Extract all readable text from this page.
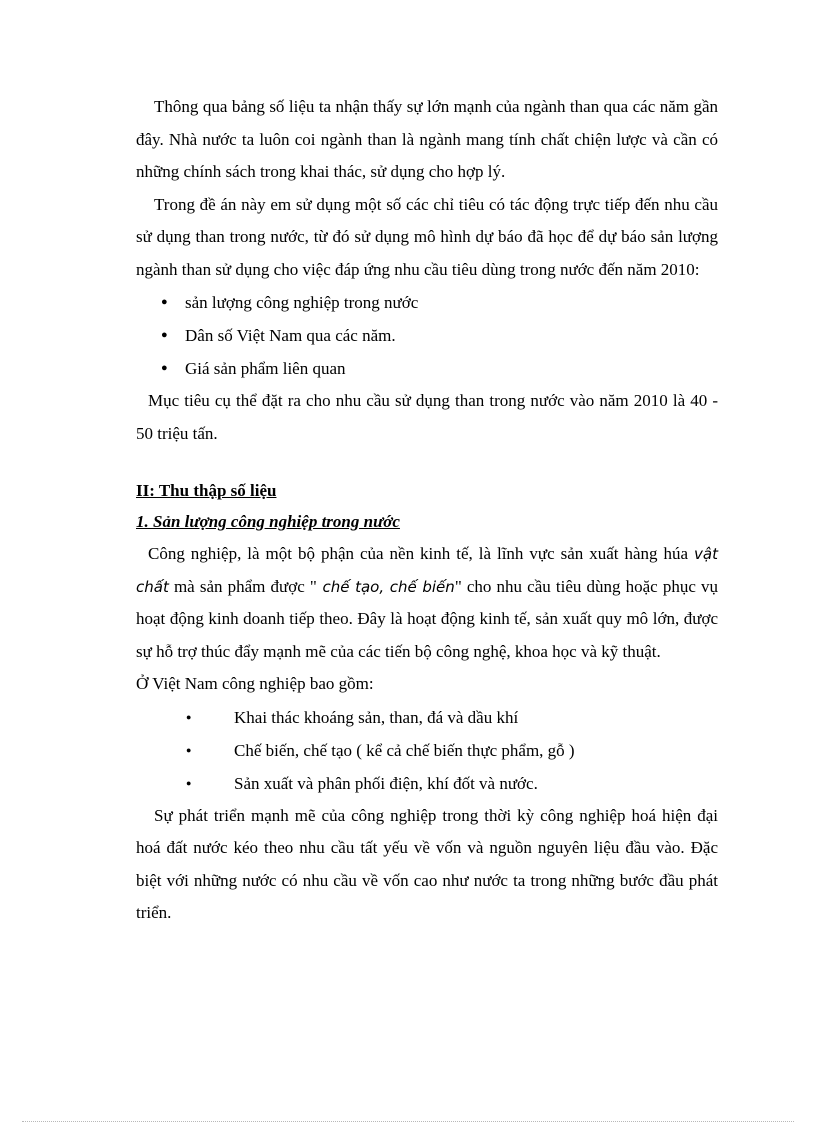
Thông qua bảng số liệu ta nhận thấy sự lớn mạnh của ngành than qua các năm gần đây. Nhà nước ta luôn coi ngành than là ngành mang tính chất chiện lược và cần có những chính sách trong khai thác, sử dụng cho hợp lý.

Trong đề án này em sử dụng một số các chỉ tiêu có tác động trực tiếp đến nhu cầu sử dụng than trong nước, từ đó sử dụng mô hình dự báo đã học để dự báo sản lượng ngành than sử dụng cho việc đáp ứng nhu cầu tiêu dùng trong nước đến năm 2010:

● sản lượng công nghiệp trong nước
● Dân số Việt Nam qua các năm.
● Giá sản phẩm liên quan

Mục tiêu cụ thể đặt ra cho nhu cầu sử dụng than trong nước vào năm 2010 là 40 - 50 triệu tấn.

II: Thu thập số liệu
1. Sản lượng công nghiệp trong nước

Công nghiệp, là một bộ phận của nền kinh tế, là lĩnh vực sản xuất hàng húa vật chất mà sản phẩm được " chế tạo, chế biến" cho nhu cầu tiêu dùng hoặc phục vụ hoạt động kinh doanh tiếp theo. Đây là hoạt động kinh tế, sản xuất quy mô lớn, được sự hỗ trợ thúc đẩy mạnh mẽ của các tiến bộ công nghệ, khoa học và kỹ thuật.

Ở Việt Nam công nghiệp bao gồm:

● Khai thác khoáng sản, than, đá và dầu khí
● Chế biến, chế tạo ( kể cả chế biến thực phẩm, gỗ )
● Sản xuất và phân phối điện, khí đốt và nước.

Sự phát triển mạnh mẽ của công nghiệp trong thời kỳ công nghiệp hoá hiện đại hoá đất nước kéo theo nhu cầu tất yếu về vốn và nguồn nguyên liệu đầu vào. Đặc biệt với những nước có nhu cầu về vốn cao như nước ta trong những bước đầu phát triển.
